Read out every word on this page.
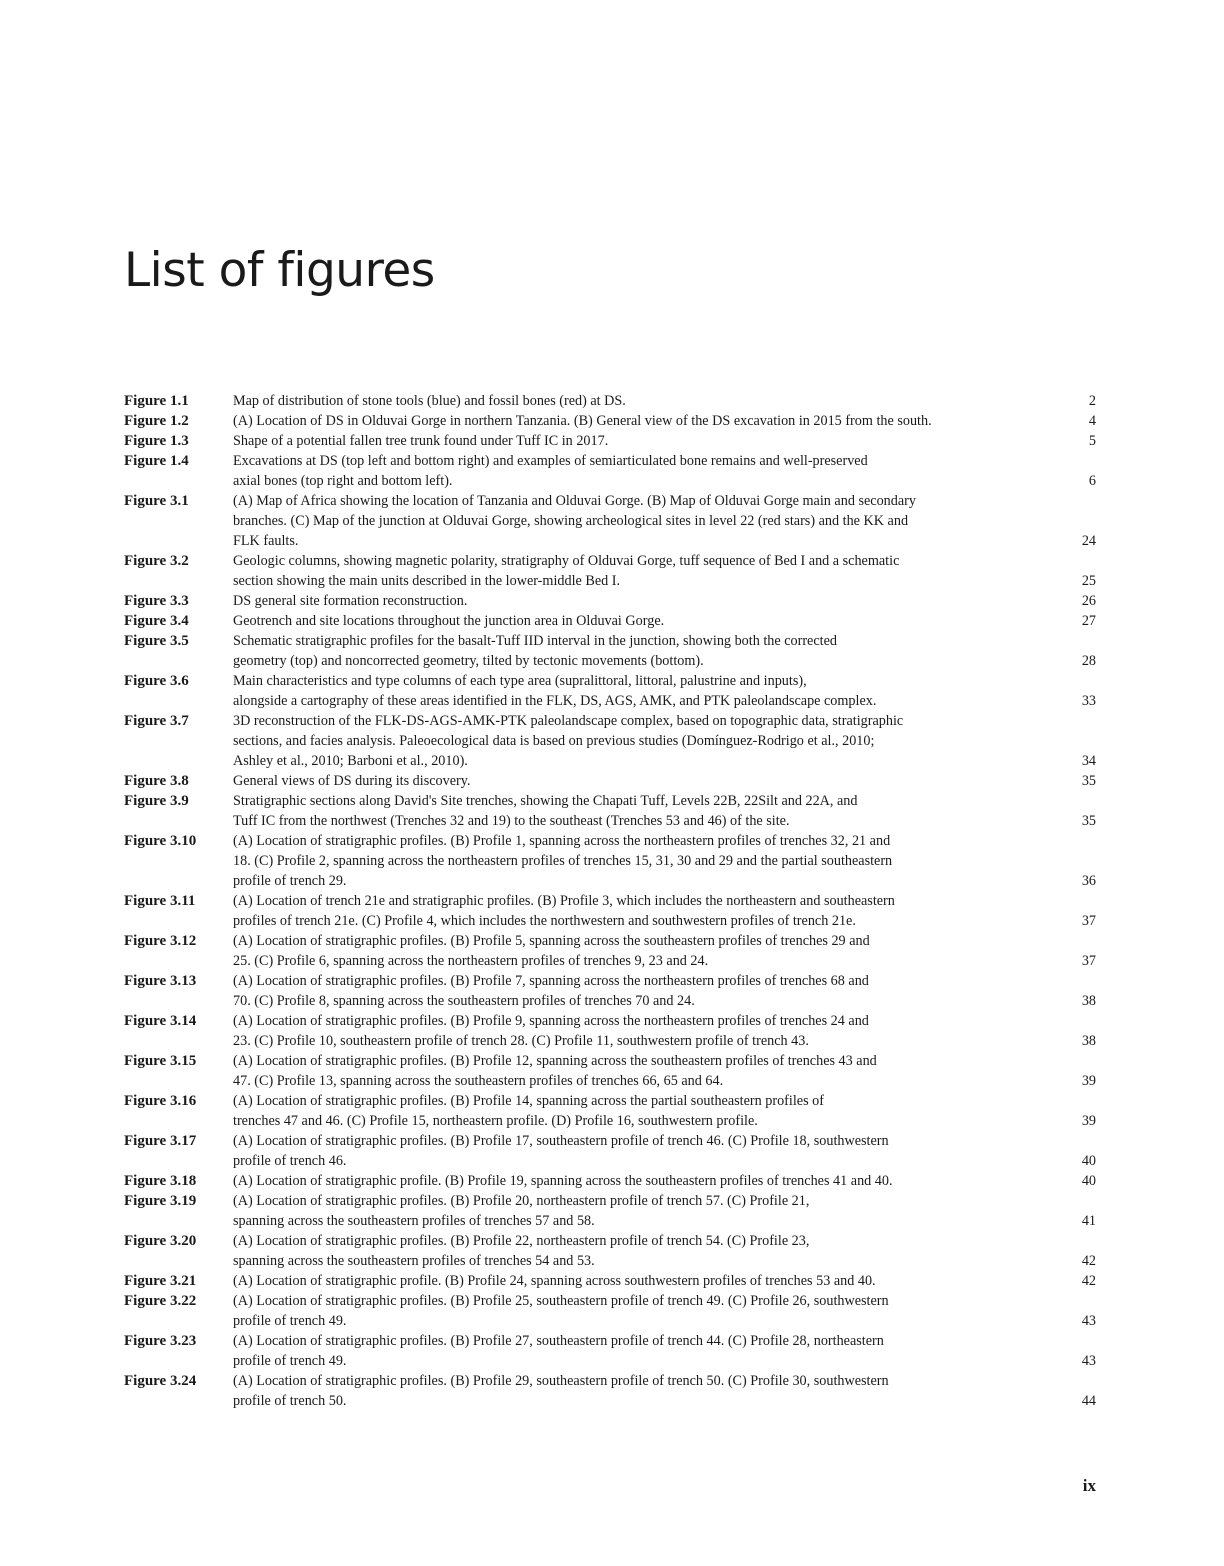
List of figures
Figure 1.1	Map of distribution of stone tools (blue) and fossil bones (red) at DS.	2
Figure 1.2	(A) Location of DS in Olduvai Gorge in northern Tanzania. (B) General view of the DS excavation in 2015 from the south.	4
Figure 1.3	Shape of a potential fallen tree trunk found under Tuff IC in 2017.	5
Figure 1.4	Excavations at DS (top left and bottom right) and examples of semiarticulated bone remains and well-preserved
axial bones (top right and bottom left).	6
Figure 3.1	(A) Map of Africa showing the location of Tanzania and Olduvai Gorge. (B) Map of Olduvai Gorge main and secondary
branches. (C) Map of the junction at Olduvai Gorge, showing archeological sites in level 22 (red stars) and the KK and
FLK faults.	24
Figure 3.2	Geologic columns, showing magnetic polarity, stratigraphy of Olduvai Gorge, tuff sequence of Bed I and a schematic
section showing the main units described in the lower-middle Bed I.	25
Figure 3.3	DS general site formation reconstruction.	26
Figure 3.4	Geotrench and site locations throughout the junction area in Olduvai Gorge.	27
Figure 3.5	Schematic stratigraphic profiles for the basalt-Tuff IID interval in the junction, showing both the corrected
geometry (top) and noncorrected geometry, tilted by tectonic movements (bottom).	28
Figure 3.6	Main characteristics and type columns of each type area (supralittoral, littoral, palustrine and inputs),
alongside a cartography of these areas identified in the FLK, DS, AGS, AMK, and PTK paleolandscape complex.	33
Figure 3.7	3D reconstruction of the FLK-DS-AGS-AMK-PTK paleolandscape complex, based on topographic data, stratigraphic
sections, and facies analysis. Paleoecological data is based on previous studies (Domínguez-Rodrigo et al., 2010;
Ashley et al., 2010; Barboni et al., 2010).	34
Figure 3.8	General views of DS during its discovery.	35
Figure 3.9	Stratigraphic sections along David's Site trenches, showing the Chapati Tuff, Levels 22B, 22Silt and 22A, and
Tuff IC from the northwest (Trenches 32 and 19) to the southeast (Trenches 53 and 46) of the site.	35
Figure 3.10	(A) Location of stratigraphic profiles. (B) Profile 1, spanning across the northeastern profiles of trenches 32, 21 and
18. (C) Profile 2, spanning across the northeastern profiles of trenches 15, 31, 30 and 29 and the partial southeastern
profile of trench 29.	36
Figure 3.11	(A) Location of trench 21e and stratigraphic profiles. (B) Profile 3, which includes the northeastern and southeastern
profiles of trench 21e. (C) Profile 4, which includes the northwestern and southwestern profiles of trench 21e.	37
Figure 3.12	(A) Location of stratigraphic profiles. (B) Profile 5, spanning across the southeastern profiles of trenches 29 and
25. (C) Profile 6, spanning across the northeastern profiles of trenches 9, 23 and 24.	37
Figure 3.13	(A) Location of stratigraphic profiles. (B) Profile 7, spanning across the northeastern profiles of trenches 68 and
70. (C) Profile 8, spanning across the southeastern profiles of trenches 70 and 24.	38
Figure 3.14	(A) Location of stratigraphic profiles. (B) Profile 9, spanning across the northeastern profiles of trenches 24 and
23. (C) Profile 10, southeastern profile of trench 28. (C) Profile 11, southwestern profile of trench 43.	38
Figure 3.15	(A) Location of stratigraphic profiles. (B) Profile 12, spanning across the southeastern profiles of trenches 43 and
47. (C) Profile 13, spanning across the southeastern profiles of trenches 66, 65 and 64.	39
Figure 3.16	(A) Location of stratigraphic profiles. (B) Profile 14, spanning across the partial southeastern profiles of
trenches 47 and 46. (C) Profile 15, northeastern profile. (D) Profile 16, southwestern profile.	39
Figure 3.17	(A) Location of stratigraphic profiles. (B) Profile 17, southeastern profile of trench 46. (C) Profile 18, southwestern
profile of trench 46.	40
Figure 3.18	(A) Location of stratigraphic profile. (B) Profile 19, spanning across the southeastern profiles of trenches 41 and 40.	40
Figure 3.19	(A) Location of stratigraphic profiles. (B) Profile 20, northeastern profile of trench 57. (C) Profile 21,
spanning across the southeastern profiles of trenches 57 and 58.	41
Figure 3.20	(A) Location of stratigraphic profiles. (B) Profile 22, northeastern profile of trench 54. (C) Profile 23,
spanning across the southeastern profiles of trenches 54 and 53.	42
Figure 3.21	(A) Location of stratigraphic profile. (B) Profile 24, spanning across southwestern profiles of trenches 53 and 40.	42
Figure 3.22	(A) Location of stratigraphic profiles. (B) Profile 25, southeastern profile of trench 49. (C) Profile 26, southwestern
profile of trench 49.	43
Figure 3.23	(A) Location of stratigraphic profiles. (B) Profile 27, southeastern profile of trench 44. (C) Profile 28, northeastern
profile of trench 49.	43
Figure 3.24	(A) Location of stratigraphic profiles. (B) Profile 29, southeastern profile of trench 50. (C) Profile 30, southwestern
profile of trench 50.	44
ix
